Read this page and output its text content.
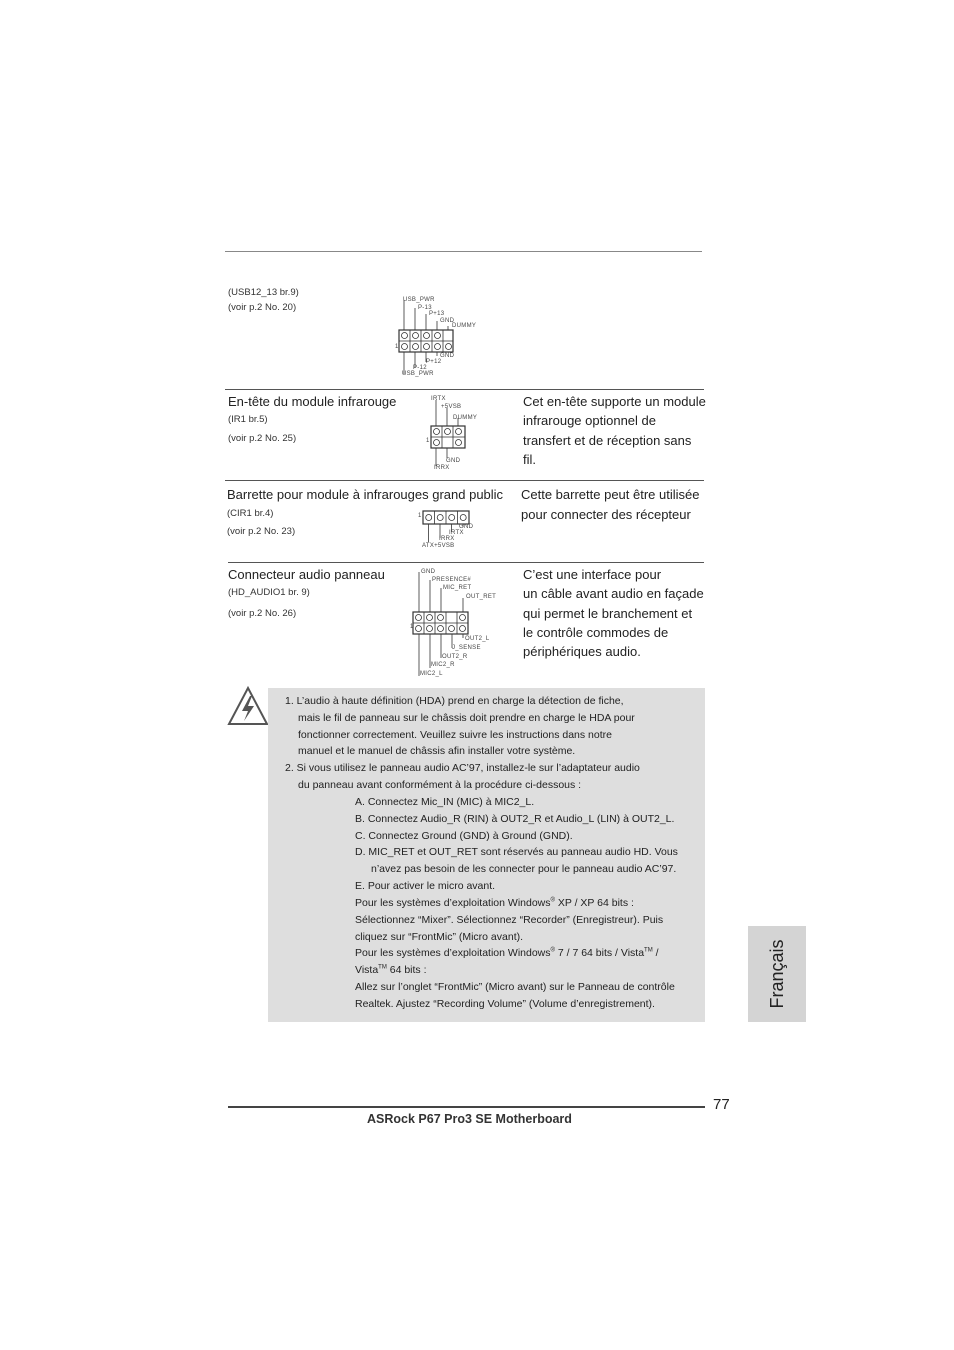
(USB12_13 br.9)
(voir p.2 No. 20)
USB_PWR
P-13
P+13
GND
DUMMY
1
GND
P+12
P-12
USB_PWR
En-tête du module infrarouge
(IR1 br.5)
(voir p.2 No. 25)
IRTX
+5VSB
DUMMY
1
GND
IRRX
Cet en-tête supporte un module
infrarouge optionnel de
transfert et de réception sans
fil.
Barrette pour module à infrarouges grand public
(CIR1 br.4)
(voir p.2 No. 23)
1
GND
IRTX
IRRX
ATX+5VSB
Cette barrette peut être utilisée
pour connecter des récepteur
Connecteur audio panneau
(HD_AUDIO1 br. 9)
(voir p.2 No. 26)
GND
PRESENCE#
MIC_RET
OUT_RET
1
OUT2_L
J_SENSE
OUT2_R
MIC2_R
MIC2_L
C’est une interface pour
un câble avant audio en façade
qui permet le branchement et
le contrôle commodes de
périphériques audio.
1. L’audio à haute définition (HDA) prend en charge la détection de fiche,
mais le fil de panneau sur le châssis doit prendre en charge le HDA pour
fonctionner correctement. Veuillez suivre les instructions dans notre
manuel et le manuel de châssis afin installer votre système.
2. Si vous utilisez le panneau audio AC’97, installez-le sur l’adaptateur audio
du panneau avant conformément à la procédure ci-dessous :
A. Connectez Mic_IN (MIC) à MIC2_L.
B. Connectez Audio_R (RIN) à OUT2_R et Audio_L (LIN) à OUT2_L.
C. Connectez Ground (GND) à Ground (GND).
D. MIC_RET et OUT_RET sont réservés au panneau audio HD. Vous
n’avez pas besoin de les connecter pour le panneau audio AC’97.
E. Pour activer le micro avant.
Pour les systèmes d’exploitation Windows® XP / XP 64 bits :
Sélectionnez “Mixer”. Sélectionnez “Recorder” (Enregistreur). Puis
cliquez sur “FrontMic” (Micro avant).
Pour les systèmes d’exploitation Windows® 7 / 7 64 bits / Vista™ /
Vista™ 64 bits :
Allez sur l’onglet “FrontMic” (Micro avant) sur le Panneau de contrôle
Realtek. Ajustez “Recording Volume” (Volume d’enregistrement).	Français
77
ASRock P67 Pro3 SE Motherboard
